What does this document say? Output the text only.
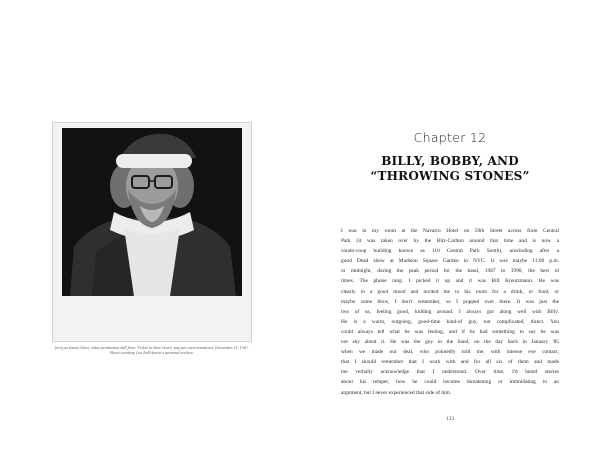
Jerry as Santa Claus, video production still from 'Ticket to New Year's' pay-per-view broadcast, December 31, 1987.
Photo courtesy Len Dell'Amico's personal archive.
Chapter 12
BILLY, BOBBY, AND
“THROWING STONES”
I was in my room at the Navarro Hotel on 59th Street across from Central
Park (it was taken over by the Ritz-Carlton around that time and is now a
condo-coop building known as 110 Central Park South), unwinding after a
good Dead show at Madison Square Garden in NYC. It was maybe 11:00 p.m.
or midnight, during the peak period for the band, 1987 to 1990, the best of
times. The phone rang. I picked it up and it was Bill Kreutzmann. He was
clearly in a good mood and invited me to his room for a drink, or food, or
maybe some blow, I don't remember, so I popped over there. It was just the
two of us, feeling good, kidding around. I always got along well with Billy.
He is a warm, outgoing, good-time kind-of guy, not complicated, direct. You
could always tell what he was feeling, and if he had something to say he was
not shy about it. He was the guy in the band, on the day back in January '85
when we made our deal, who pointedly told me, with intense eye contact,
that I should remember that I work with and for all six of them and made
me verbally acknowledge that I understood. Over time, I'd heard stories
about his temper, how he could become threatening or intimidating in an
argument, but I never experienced that side of him.
133
